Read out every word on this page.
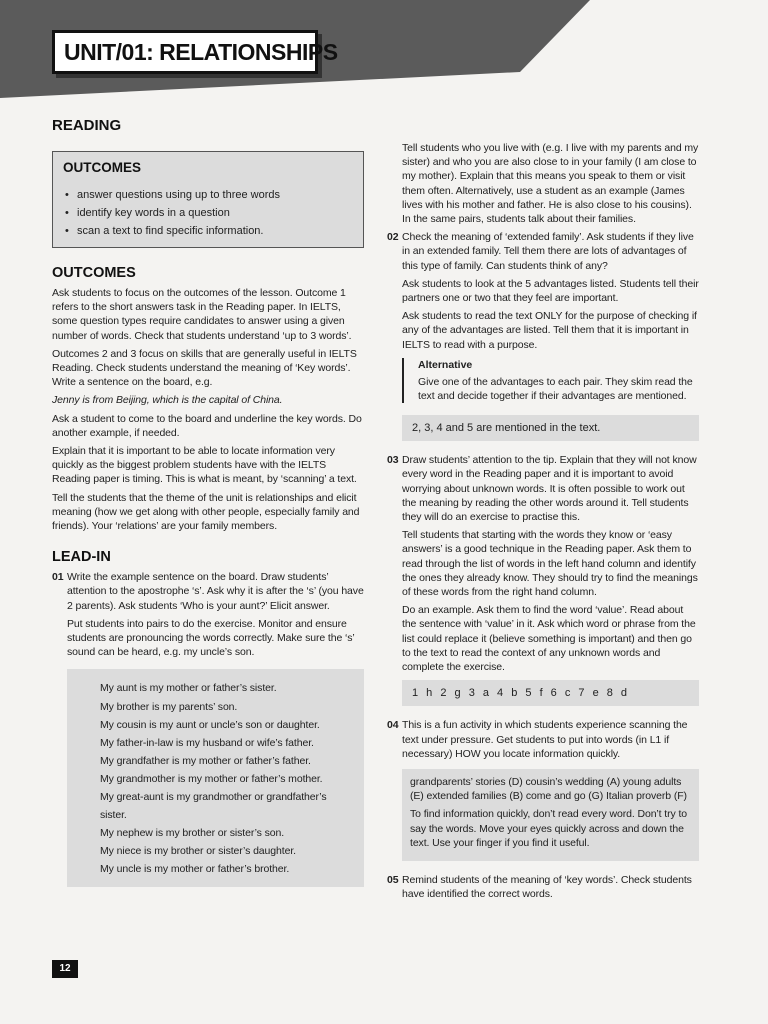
UNIT/01: RELATIONSHIPS
READING
OUTCOMES
• answer questions using up to three words
• identify key words in a question
• scan a text to find specific information.
OUTCOMES

Ask students to focus on the outcomes of the lesson. Outcome 1 refers to the short answers task in the Reading paper. In IELTS, some question types require candidates to answer using a given number of words. Check that students understand ‘up to 3 words’.

Outcomes 2 and 3 focus on skills that are generally useful in IELTS Reading. Check students understand the meaning of ‘Key words’. Write a sentence on the board, e.g.

Jenny is from Beijing, which is the capital of China.

Ask a student to come to the board and underline the key words. Do another example, if needed.

Explain that it is important to be able to locate information very quickly as the biggest problem students have with the IELTS Reading paper is timing. This is what is meant, by ‘scanning’ a text.

Tell the students that the theme of the unit is relationships and elicit meaning (how we get along with other people, especially family and friends). Your ‘relations’ are your family members.

LEAD-IN

01 Write the example sentence on the board. Draw students’ attention to the apostrophe ‘s’. Ask why it is after the ‘s’ (you have 2 parents). Ask students ‘Who is your aunt?’ Elicit answer.

Put students into pairs to do the exercise. Monitor and ensure students are pronouncing the words correctly. Make sure the ‘s’ sound can be heard, e.g. my uncle’s son.

My aunt is my mother or father’s sister.

My brother is my parents’ son.

My cousin is my aunt or uncle’s son or daughter.

My father-in-law is my husband or wife’s father.

My grandfather is my mother or father’s father.

My grandmother is my mother or father’s mother.

My great-aunt is my grandmother or grandfather’s sister.

My nephew is my brother or sister’s son.

My niece is my brother or sister’s daughter.

My uncle is my mother or father’s brother.

Tell students who you live with (e.g. I live with my parents and my sister) and who you are also close to in your family (I am close to my mother). Explain that this means you speak to them or visit them often. Alternatively, use a student as an example (James lives with his mother and father. He is also close to his cousins). In the same pairs, students talk about their families.

02 Check the meaning of ‘extended family’. Ask students if they live in an extended family. Tell them there are lots of advantages of this type of family. Can students think of any?

Ask students to look at the 5 advantages listed. Students tell their partners one or two that they feel are important.

Ask students to read the text ONLY for the purpose of checking if any of the advantages are listed. Tell them that it is important in IELTS to read with a purpose.

Alternative

Give one of the advantages to each pair. They skim read the text and decide together if their advantages are mentioned.

2, 3, 4 and 5 are mentioned in the text.

03 Draw students’ attention to the tip. Explain that they will not know every word in the Reading paper and it is important to avoid worrying about unknown words. It is often possible to work out the meaning by reading the other words around it. Tell students they will do an exercise to practise this.

Tell students that starting with the words they know or ‘easy answers’ is a good technique in the Reading paper. Ask them to read through the list of words in the left hand column and identify the ones they already know. They should try to find the meanings of these words from the right hand column.

Do an example. Ask them to find the word ‘value’. Read about the sentence with ‘value’ in it. Ask which word or phrase from the list could replace it (believe something is important) and then go to the text to read the context of any unknown words and complete the exercise.

1 h 2 g 3 a 4 b 5 f 6 c 7 e 8 d

04 This is a fun activity in which students experience scanning the text under pressure. Get students to put into words (in L1 if necessary) HOW you locate information quickly.

grandparents’ stories (D) cousin’s wedding (A) young adults (E) extended families (B) come and go (G) Italian proverb (F)

To find information quickly, don’t read every word. Don’t try to say the words. Move your eyes quickly across and down the text. Use your finger if you find it useful.

05 Remind students of the meaning of ‘key words’. Check students have identified the correct words.

12
